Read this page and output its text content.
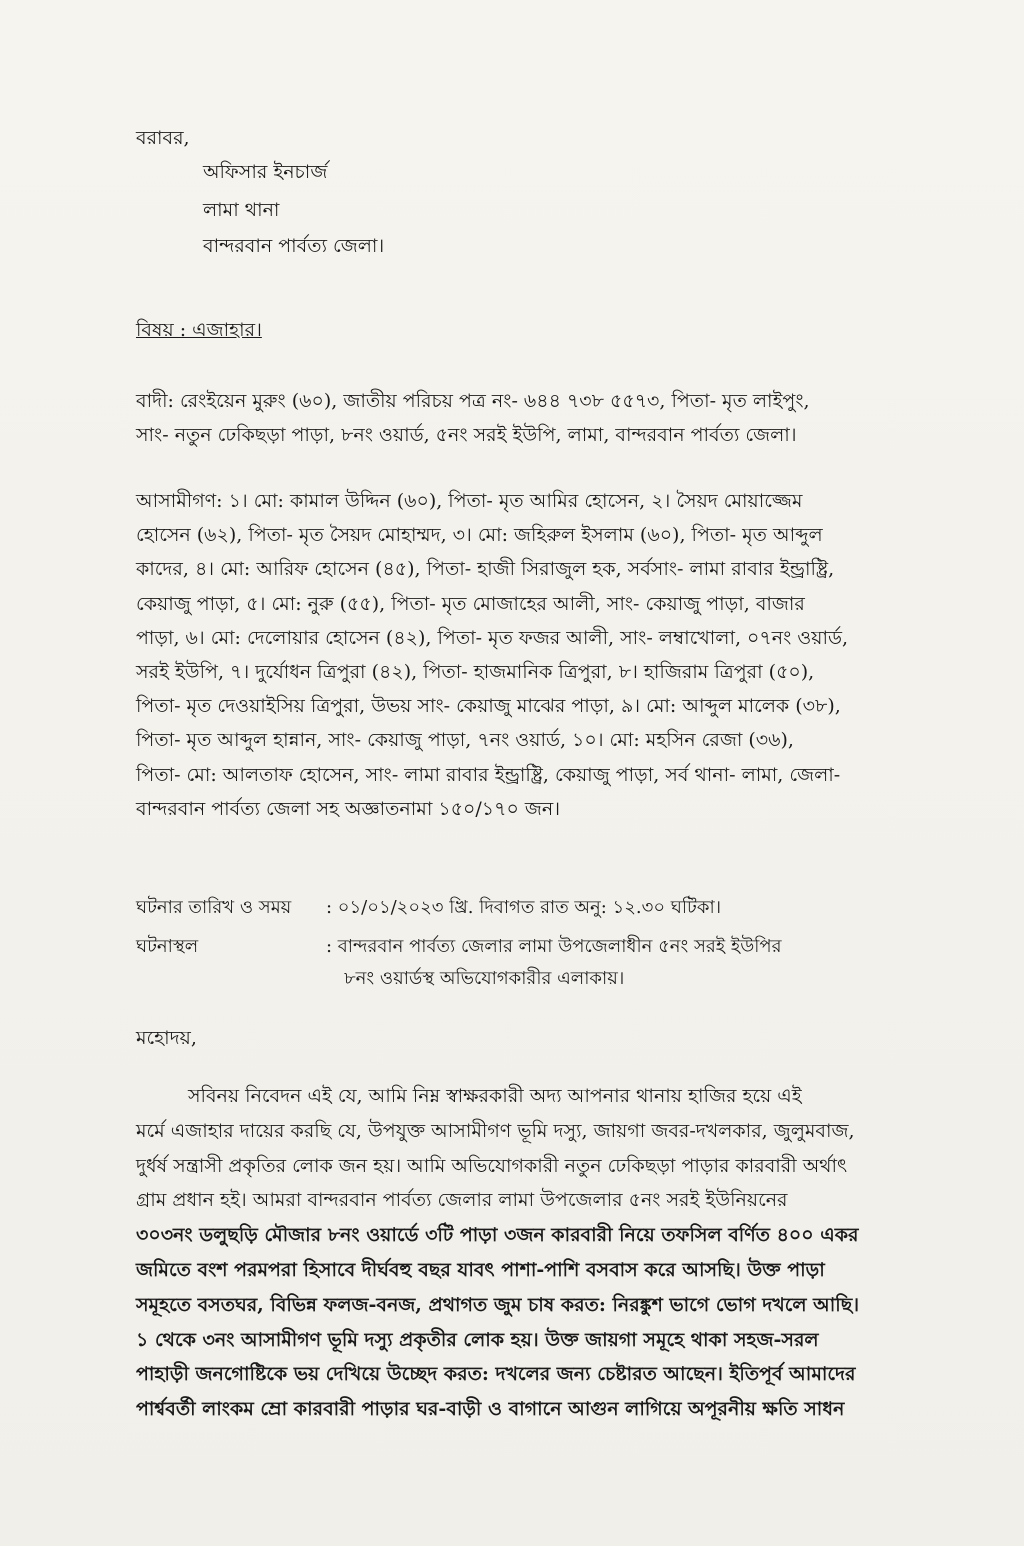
বরাবর,
অফিসার ইনচার্জ
লামা থানা
বান্দরবান পার্বত্য জেলা।
বিষয় : এজাহার।
বাদী: রেংইয়েন মুরুং (৬০), জাতীয় পরিচয় পত্র নং- ৬৪৪ ৭৩৮ ৫৫৭৩, পিতা- মৃত লাইপুং,
সাং- নতুন ঢেকিছড়া পাড়া, ৮নং ওয়ার্ড, ৫নং সরই ইউপি, লামা, বান্দরবান পার্বত্য জেলা।
আসামীগণ: ১। মো: কামাল উদ্দিন (৬০), পিতা- মৃত আমির হোসেন, ২। সৈয়দ মোয়াজ্জেম
হোসেন (৬২), পিতা- মৃত সৈয়দ মোহাম্মদ, ৩। মো: জহিরুল ইসলাম (৬০), পিতা- মৃত আব্দুল
কাদের, ৪। মো: আরিফ হোসেন (৪৫), পিতা- হাজী সিরাজুল হক, সর্বসাং- লামা রাবার ইন্ড্রাষ্ট্রি,
কেয়াজু পাড়া, ৫। মো: নুরু (৫৫), পিতা- মৃত মোজাহের আলী, সাং- কেয়াজু পাড়া, বাজার
পাড়া, ৬। মো: দেলোয়ার হোসেন (৪২), পিতা- মৃত ফজর আলী, সাং- লম্বাখোলা, ০৭নং ওয়ার্ড,
সরই ইউপি, ৭। দুর্যোধন ত্রিপুরা (৪২), পিতা- হাজমানিক ত্রিপুরা, ৮। হাজিরাম ত্রিপুরা (৫০),
পিতা- মৃত দেওয়াইসিয় ত্রিপুরা, উভয় সাং- কেয়াজু মাঝের পাড়া, ৯। মো: আব্দুল মালেক (৩৮),
পিতা- মৃত আব্দুল হান্নান, সাং- কেয়াজু পাড়া, ৭নং ওয়ার্ড, ১০। মো: মহসিন রেজা (৩৬),
পিতা- মো: আলতাফ হোসেন, সাং- লামা রাবার ইন্ড্রাষ্ট্রি, কেয়াজু পাড়া, সর্ব থানা- লামা, জেলা-
বান্দরবান পার্বত্য জেলা সহ অজ্ঞাতনামা ১৫০/১৭০ জন।
ঘটনার তারিখ ও সময় : ০১/০১/২০২৩ খ্রি. দিবাগত রাত অনু: ১২.৩০ ঘটিকা।
ঘটনাস্থল	: বান্দরবান পার্বত্য জেলার লামা উপজেলাধীন ৫নং সরই ইউপির
৮নং ওয়ার্ডস্থ অভিযোগকারীর এলাকায়।
মহোদয়,
সবিনয় নিবেদন এই যে, আমি নিম্ন স্বাক্ষরকারী অদ্য আপনার থানায় হাজির হয়ে এই
মর্মে এজাহার দায়ের করছি যে, উপযুক্ত আসামীগণ ভূমি দস্যু, জায়গা জবর-দখলকার, জুলুমবাজ,
দুর্ধর্ষ সন্ত্রাসী প্রকৃতির লোক জন হয়। আমি অভিযোগকারী নতুন ঢেকিছড়া পাড়ার কারবারী অর্থাৎ
গ্রাম প্রধান হই। আমরা বান্দরবান পার্বত্য জেলার লামা উপজেলার ৫নং সরই ইউনিয়নের
৩০৩নং ডলুছড়ি মৌজার ৮নং ওয়ার্ডে ৩টি পাড়া ৩জন কারবারী নিয়ে তফসিল বর্ণিত ৪০০ একর
জমিতে বংশ পরমপরা হিসাবে দীর্ঘবহু বছর যাবৎ পাশা-পাশি বসবাস করে আসছি। উক্ত পাড়া
সমূহতে বসতঘর, বিভিন্ন ফলজ-বনজ, প্রথাগত জুম চাষ করত: নিরঙ্কুশ ভাগে ভোগ দখলে আছি।
১ থেকে ৩নং আসামীগণ ভূমি দস্যু প্রকৃতীর লোক হয়। উক্ত জায়গা সমূহে থাকা সহজ-সরল
পাহাড়ী জনগোষ্টিকে ভয় দেখিয়ে উচ্ছেদ করত: দখলের জন্য চেষ্টারত আছেন। ইতিপূর্ব আমাদের
পার্শ্ববর্তী লাংকম ম্রো কারবারী পাড়ার ঘর-বাড়ী ও বাগানে আগুন লাগিয়ে অপূরনীয় ক্ষতি সাধন
